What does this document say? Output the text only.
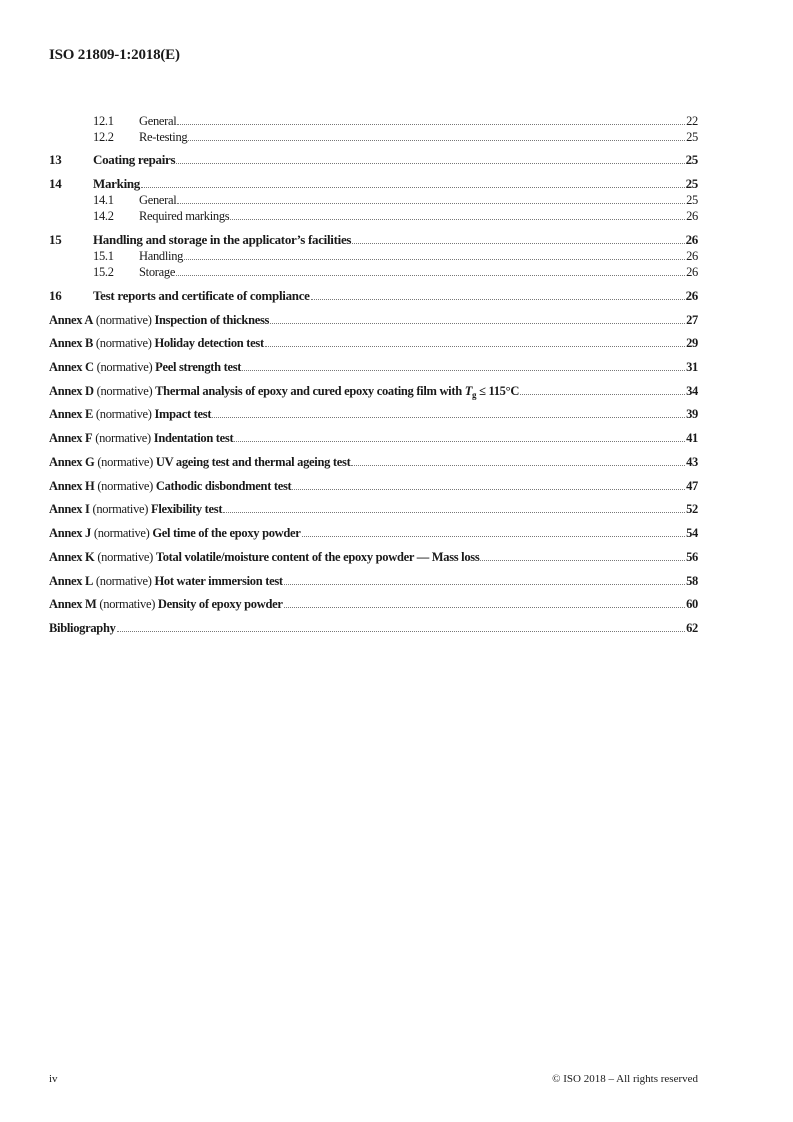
ISO 21809-1:2018(E)
12.1	General	22
12.2	Re-testing	25
13	Coating repairs	25
14	Marking	25
14.1	General	25
14.2	Required markings	26
15	Handling and storage in the applicator’s facilities	26
15.1	Handling	26
15.2	Storage	26
16	Test reports and certificate of compliance	26
Annex A (normative) Inspection of thickness	27
Annex B (normative) Holiday detection test	29
Annex C (normative) Peel strength test	31
Annex D (normative) Thermal analysis of epoxy and cured epoxy coating film with $T_g \le 115^\circ C$	34
Annex E (normative) Impact test	39
Annex F (normative) Indentation test	41
Annex G (normative) UV ageing test and thermal ageing test	43
Annex H (normative) Cathodic disbondment test	47
Annex I (normative) Flexibility test	52
Annex J (normative) Gel time of the epoxy powder	54
Annex K (normative) Total volatile/moisture content of the epoxy powder — Mass loss	56
Annex L (normative) Hot water immersion test	58
Annex M (normative) Density of epoxy powder	60
Bibliography	62
iv	© ISO 2018 – All rights reserved
